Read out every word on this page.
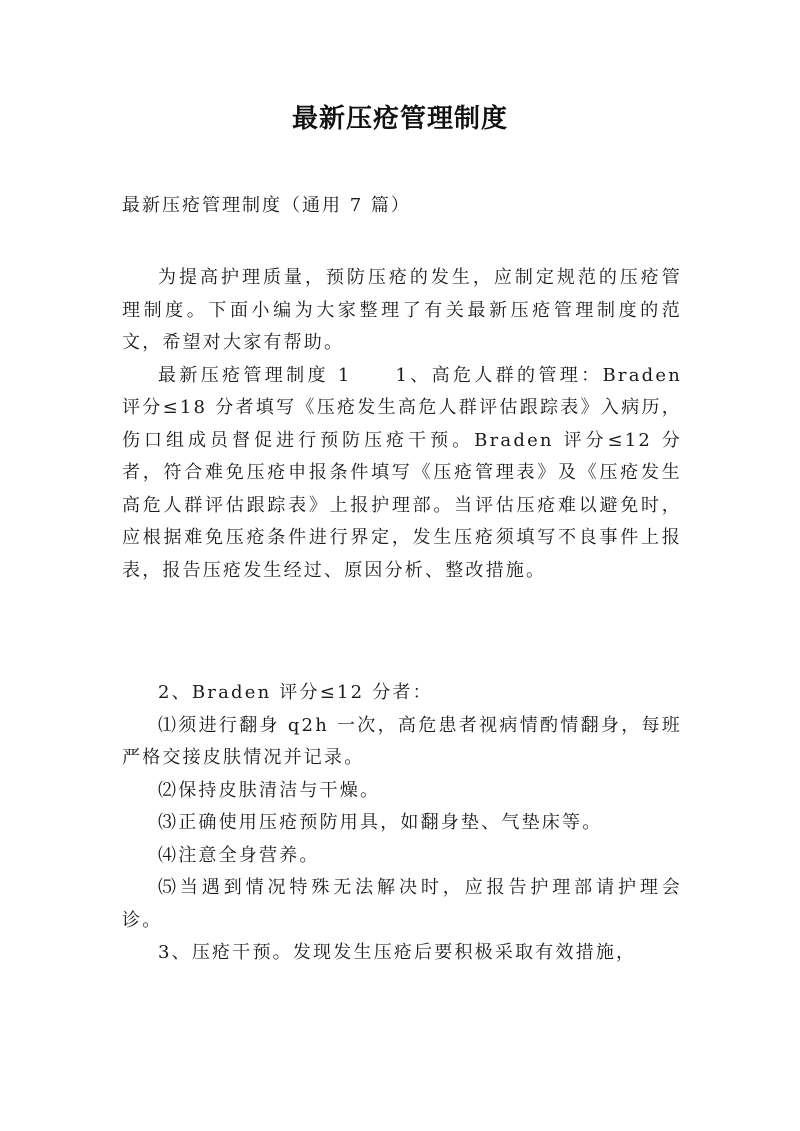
最新压疮管理制度
最新压疮管理制度（通用 7 篇）

为提高护理质量，预防压疮的发生，应制定规范的压疮管理制度。下面小编为大家整理了有关最新压疮管理制度的范文，希望对大家有帮助。

最新压疮管理制度 1　　1、高危人群的管理：Braden 评分≤18 分者填写《压疮发生高危人群评估跟踪表》入病历，伤口组成员督促进行预防压疮干预。Braden 评分≤12 分者，符合难免压疮申报条件填写《压疮管理表》及《压疮发生高危人群评估跟踪表》上报护理部。当评估压疮难以避免时，应根据难免压疮条件进行界定，发生压疮须填写不良事件上报表，报告压疮发生经过、原因分析、整改措施。

2、Braden 评分≤12 分者：

⑴须进行翻身 q2h 一次，高危患者视病情酌情翻身，每班严格交接皮肤情况并记录。

⑵保持皮肤清洁与干燥。

⑶正确使用压疮预防用具，如翻身垫、气垫床等。

⑷注意全身营养。

⑸当遇到情况特殊无法解决时，应报告护理部请护理会诊。

3、压疮干预。发现发生压疮后要积极采取有效措施，
